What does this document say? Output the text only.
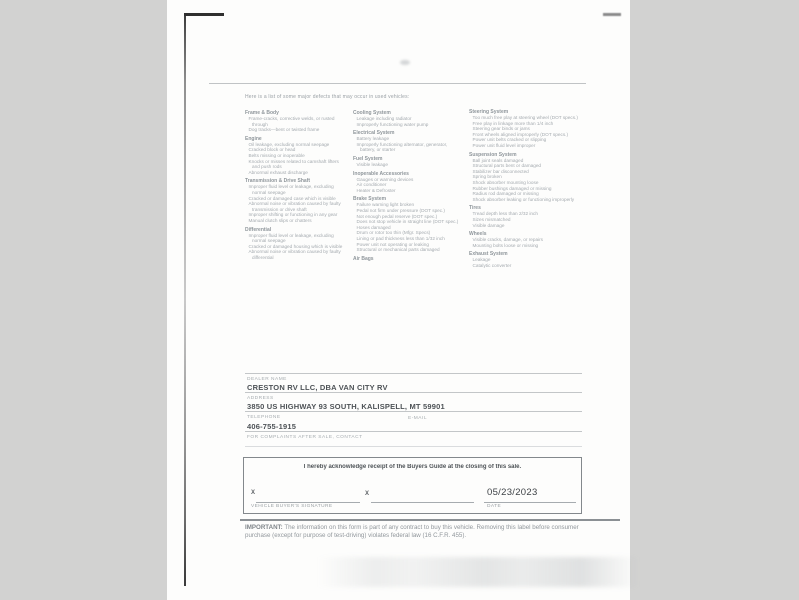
Here is a list of some major defects that may occur in used vehicles:
Frame & Body
Frame-cracks, corrective welds, or rusted through
Dog tracks—bent or twisted frame
Engine
Oil leakage, excluding normal seepage
Cracked block or head
Belts missing or inoperable
Knocks or misses related to camshaft lifters and push rods
Abnormal exhaust discharge
Transmission & Drive Shaft
Improper fluid level or leakage, excluding normal seepage
Cracked or damaged case which is visible
Abnormal noise or vibration caused by faulty transmission or drive shaft
Improper shifting or functioning in any gear
Manual clutch slips or chatters
Differential
Improper fluid level or leakage, excluding normal seepage
Cracked or damaged housing which is visible
Abnormal noise or vibration caused by faulty differential
Cooling System
Leakage including radiator
Improperly functioning water pump
Electrical System
Battery leakage
Improperly functioning alternator, generator, battery, or starter
Fuel System
Visible leakage
Inoperable Accessories
Gauges or warning devices
Air conditioner
Heater & Defroster
Brake System
Failure warning light broken
Pedal not firm under pressure (DOT spec.)
Not enough pedal reserve (DOT spec.)
Does not stop vehicle in straight line (DOT spec.)
Hoses damaged
Drum or rotor too thin (Mfgr. Specs)
Lining or pad thickness less than 1/32 inch
Power unit not operating or leaking
Structural or mechanical parts damaged
Air Bags
Steering System
Too much free play at steering wheel (DOT specs.)
Free play in linkage more than 1/4 inch
Steering gear binds or jams
Front wheels aligned improperly (DOT specs.)
Power unit belts cracked or slipping
Power unit fluid level improper
Suspension System
Ball joint seals damaged
Structural parts bent or damaged
Stabilizer bar disconnected
Spring broken
Shock absorber mounting loose
Rubber bushings damaged or missing
Radius rod damaged or missing
Shock absorber leaking or functioning improperly
Tires
Tread depth less than 2/32 inch
Sizes mismatched
Visible damage
Wheels
Visible cracks, damage, or repairs
Mounting bolts loose or missing
Exhaust System
Leakage
Catalytic converter
DEALER NAME
CRESTON RV LLC, DBA VAN CITY RV
ADDRESS
3850 US HIGHWAY 93 SOUTH, KALISPELL, MT 59901
TELEPHONE	E-MAIL
406-755-1915
FOR COMPLAINTS AFTER SALE, CONTACT
I hereby acknowledge receipt of the Buyers Guide at the closing of this sale.
X	X	05/23/2023
VEHICLE BUYER'S SIGNATURE	DATE
IMPORTANT: The information on this form is part of any contract to buy this vehicle. Removing this label before consumer purchase (except for purpose of test-driving) violates federal law (16 C.F.R. 455).
